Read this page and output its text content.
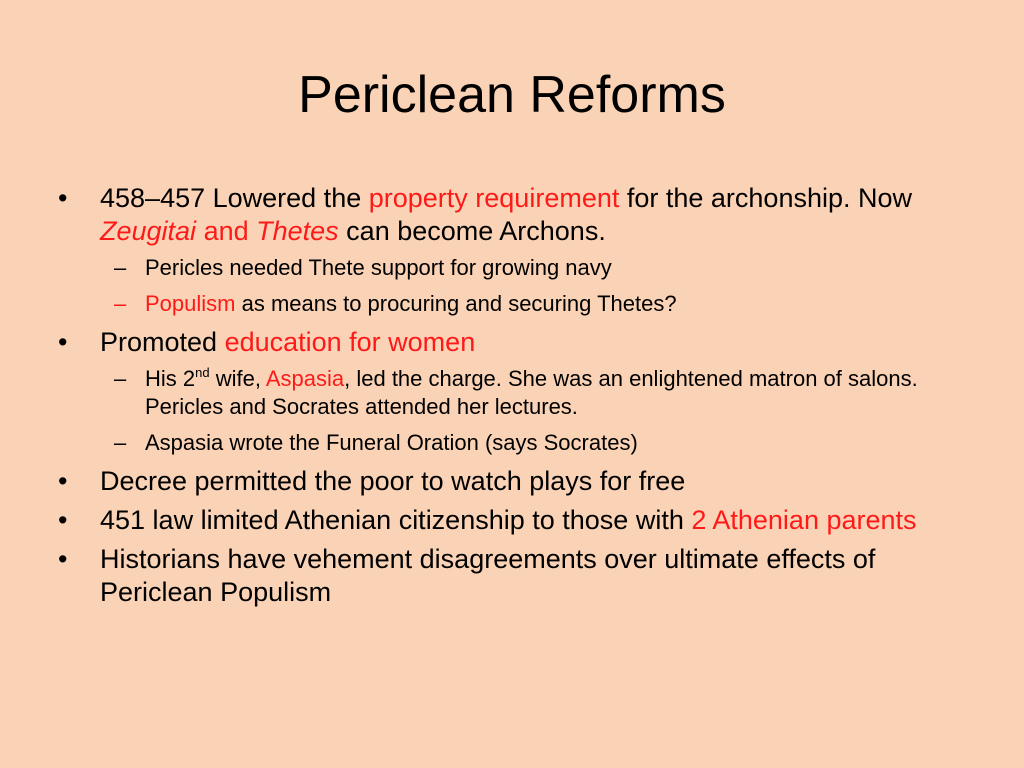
Periclean Reforms
•	458–457 Lowered the property requirement for the archonship. Now Zeugitai and Thetes can become Archons.
– Pericles needed Thete support for growing navy
– Populism as means to procuring and securing Thetes?
•	Promoted education for women
– His 2nd wife, Aspasia, led the charge. She was an enlightened matron of salons. Pericles and Socrates attended her lectures.
– Aspasia wrote the Funeral Oration (says Socrates)
•	Decree permitted the poor to watch plays for free
•	451 law limited Athenian citizenship to those with 2 Athenian parents
•	Historians have vehement disagreements over ultimate effects of Periclean Populism
